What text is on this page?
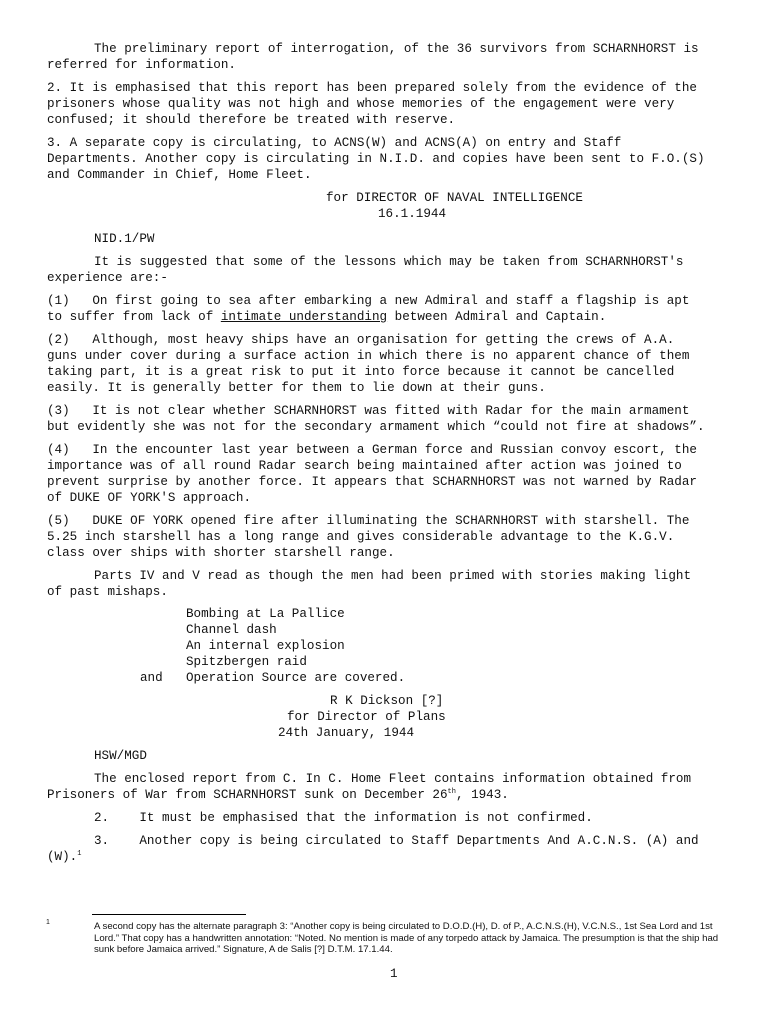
The preliminary report of interrogation, of the 36 survivors from SCHARNHORST is
referred for information.
2. It is emphasised that this report has been prepared solely from the evidence of the
prisoners whose quality was not high and whose memories of the engagement were very
confused; it should therefore be treated with reserve.
3. A separate copy is circulating, to ACNS(W) and ACNS(A) on entry and Staff
Departments. Another copy is circulating in N.I.D. and copies have been sent to F.O.(S)
and Commander in Chief, Home Fleet.
for DIRECTOR OF NAVAL INTELLIGENCE
16.1.1944
NID.1/PW
It is suggested that some of the lessons which may be taken from SCHARNHORST's
experience are:-
(1)   On first going to sea after embarking a new Admiral and staff a flagship is apt
to suffer from lack of intimate understanding between Admiral and Captain.
(2)   Although, most heavy ships have an organisation for getting the crews of A.A.
guns under cover during a surface action in which there is no apparent chance of them
taking part, it is a great risk to put it into force because it cannot be cancelled
easily. It is generally better for them to lie down at their guns.
(3)   It is not clear whether SCHARNHORST was fitted with Radar for the main armament
but evidently she was not for the secondary armament which “could not fire at shadows”.
(4)   In the encounter last year between a German force and Russian convoy escort, the
importance was of all round Radar search being maintained after action was joined to
prevent surprise by another force. It appears that SCHARNHORST was not warned by Radar
of DUKE OF YORK'S approach.
(5)   DUKE OF YORK opened fire after illuminating the SCHARNHORST with starshell. The
5.25 inch starshell has a long range and gives considerable advantage to the K.G.V.
class over ships with shorter starshell range.
Parts IV and V read as though the men had been primed with stories making light
of past mishaps.
Bombing at La Pallice
Channel dash
An internal explosion
Spitzbergen raid
and Operation Source are covered.
R K Dickson [?]
for Director of Plans
24th January, 1944
HSW/MGD
The enclosed report from C. In C. Home Fleet contains information obtained from
Prisoners of War from SCHARNHORST sunk on December 26th, 1943.
2.    It must be emphasised that the information is not confirmed.
3.    Another copy is being circulated to Staff Departments And A.C.N.S. (A) and
(W).$^1$
1	A second copy has the alternate paragraph 3: “Another copy is being circulated to D.O.D.(H), D. of P., A.C.N.S.(H), V.C.N.S., 1st Sea Lord and 1st Lord.” That copy has a handwritten annotation: “Noted. No mention is made of any torpedo attack by Jamaica. The presumption is that the ship had sunk before Jamaica arrived.” Signature, A de Salis [?] D.T.M. 17.1.44.
1
